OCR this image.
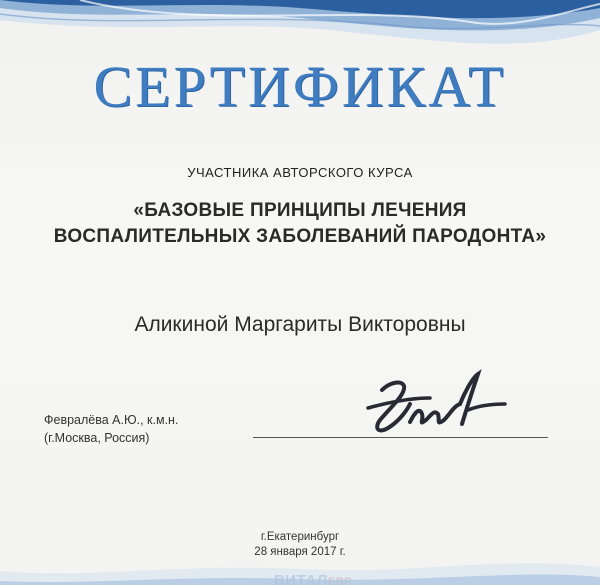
СЕРТИФИКАТ
УЧАСТНИКА АВТОРСКОГО КУРСА
«БАЗОВЫЕ ПРИНЦИПЫ ЛЕЧЕНИЯ
ВОСПАЛИТЕЛЬНЫХ ЗАБОЛЕВАНИЙ ПАРОДОНТА»
Аликиной Маргариты Викторовны
Февралёва А.Ю., к.м.н.
(г.Москва, Россия)
г.Екатеринбург
28 января 2017 г.
